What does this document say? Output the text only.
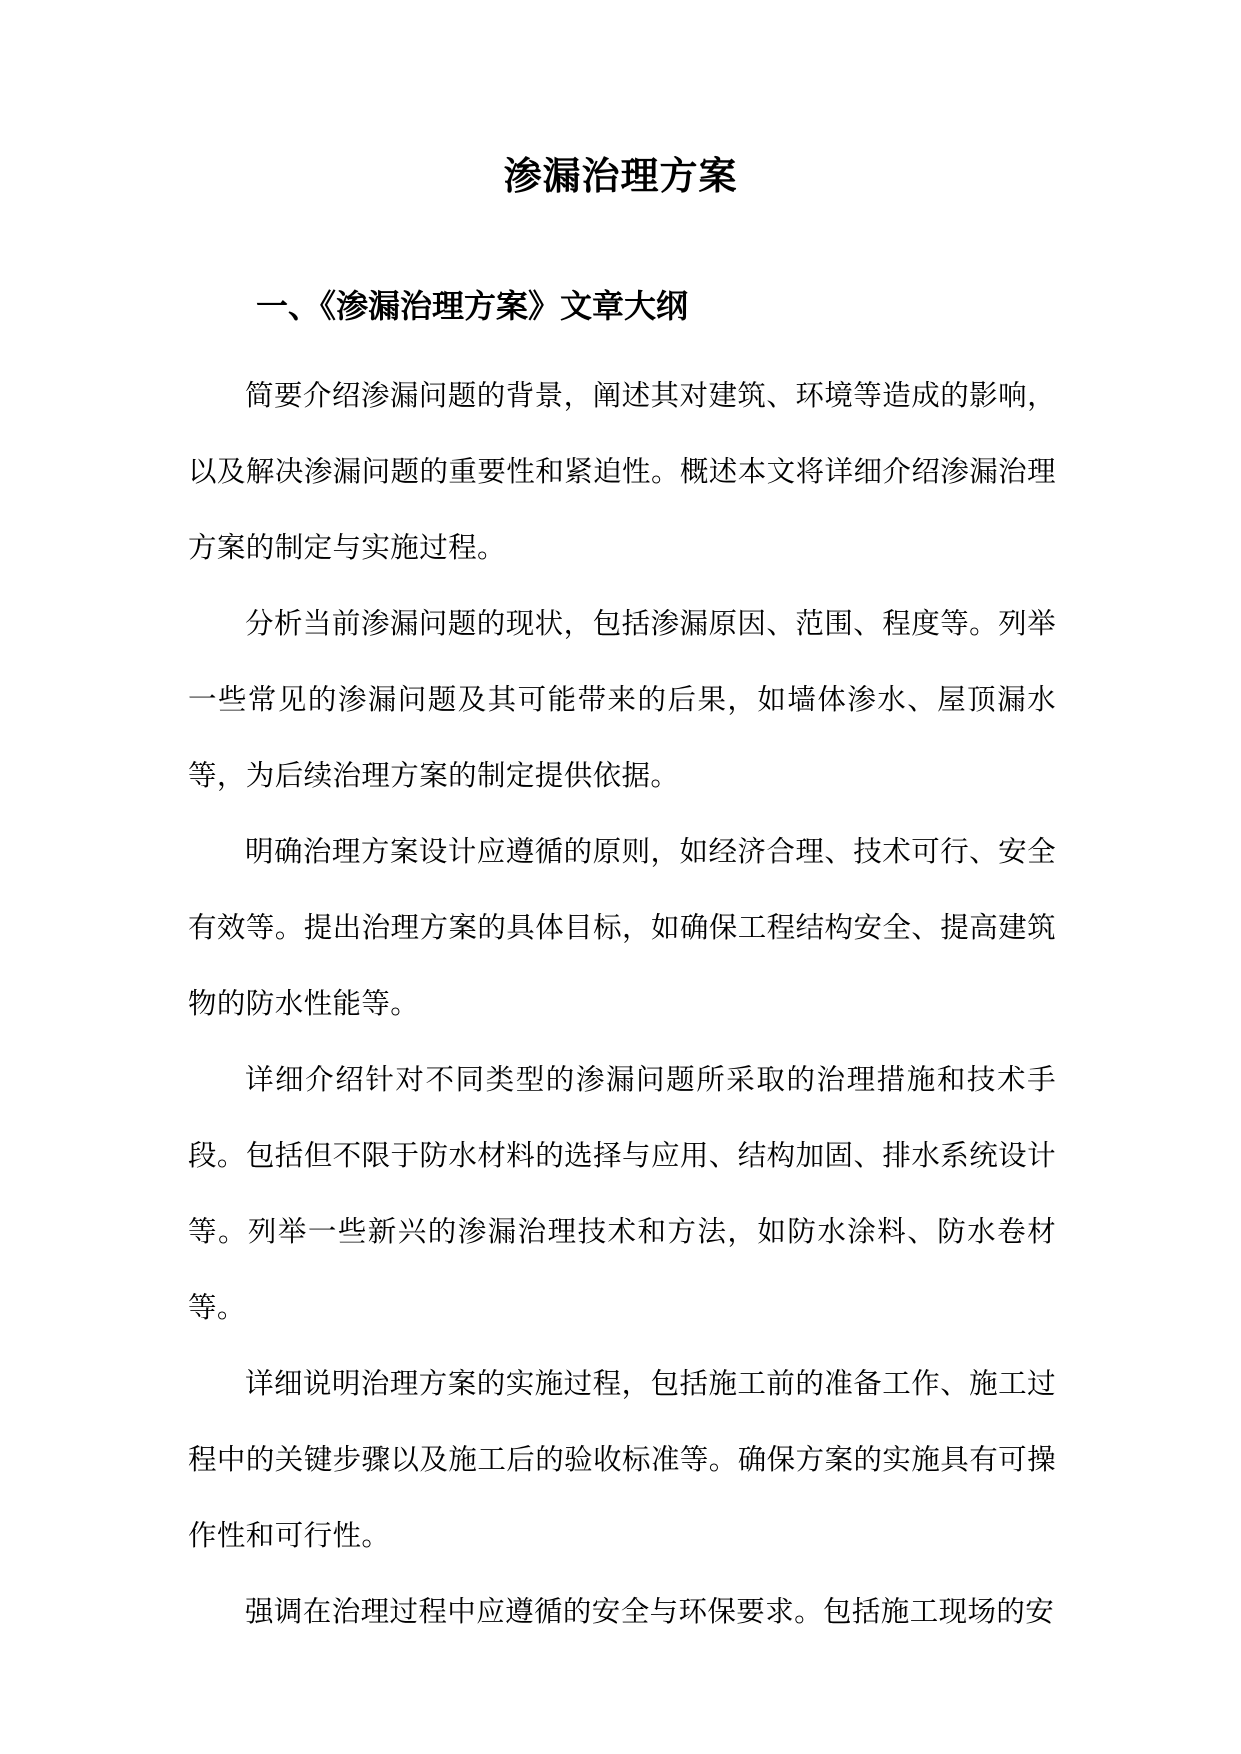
渗漏治理方案
一、《渗漏治理方案》文章大纲

简要介绍渗漏问题的背景，阐述其对建筑、环境等造成的影响，以及解决渗漏问题的重要性和紧迫性。概述本文将详细介绍渗漏治理方案的制定与实施过程。

分析当前渗漏问题的现状，包括渗漏原因、范围、程度等。列举一些常见的渗漏问题及其可能带来的后果，如墙体渗水、屋顶漏水等，为后续治理方案的制定提供依据。

明确治理方案设计应遵循的原则，如经济合理、技术可行、安全有效等。提出治理方案的具体目标，如确保工程结构安全、提高建筑物的防水性能等。

详细介绍针对不同类型的渗漏问题所采取的治理措施和技术手段。包括但不限于防水材料的选择与应用、结构加固、排水系统设计等。列举一些新兴的渗漏治理技术和方法，如防水涂料、防水卷材等。

详细说明治理方案的实施过程，包括施工前的准备工作、施工过程中的关键步骤以及施工后的验收标准等。确保方案的实施具有可操作性和可行性。

强调在治理过程中应遵循的安全与环保要求。包括施工现场的安
